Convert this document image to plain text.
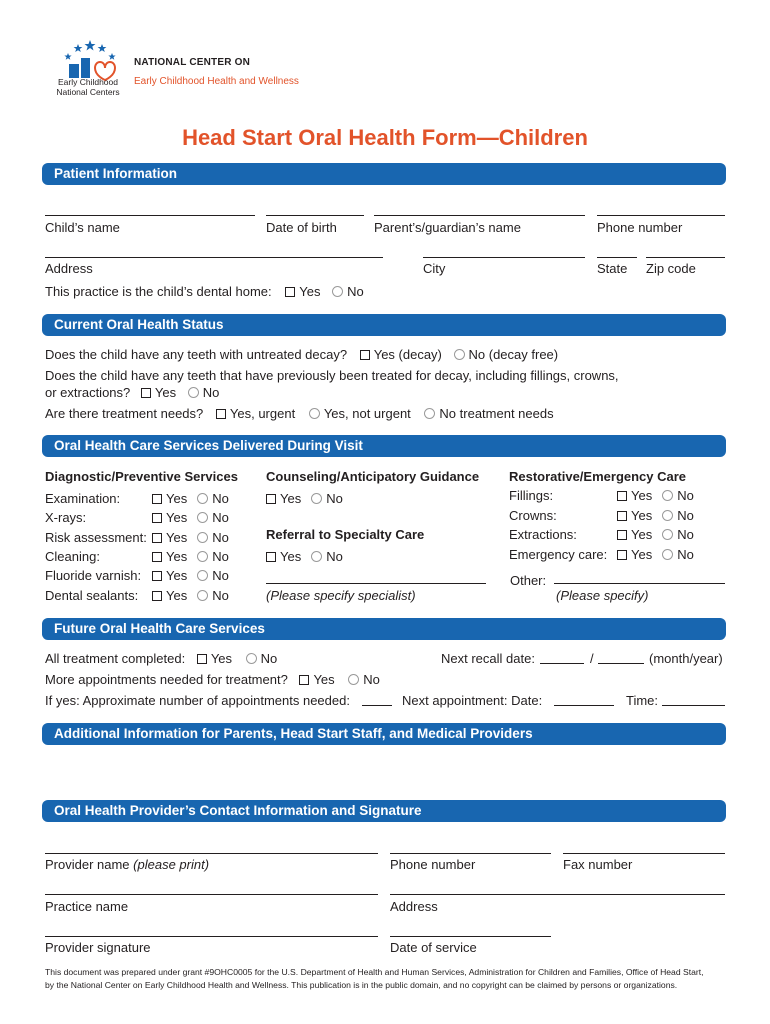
Early Childhood
National Centers
NATIONAL CENTER ON
Early Childhood Health and Wellness
Head Start Oral Health Form—Children
Patient Information
Child’s name	Date of birth	Parent’s/guardian’s name	Phone number
Address	City	State Zip code
This practice is the child’s dental home: Yes No
Current Oral Health Status
Does the child have any teeth with untreated decay? Yes (decay) No (decay free)
Does the child have any teeth that have previously been treated for decay, including fillings, crowns,
or extractions? Yes No
Are there treatment needs? Yes, urgent Yes, not urgent No treatment needs
Oral Health Care Services Delivered During Visit
Diagnostic/Preventive Services Counseling/Anticipatory Guidance Restorative/Emergency Care
Examination:	Yes No
X-rays:	Yes No
Risk assessment: Yes No
Cleaning:	Yes No
Fluoride varnish: Yes No
Dental sealants: Yes No
Yes No
Referral to Specialty Care
Yes No
(Please specify specialist)
Fillings:	Yes No
Crowns:	Yes No
Extractions:	Yes No
Emergency care: Yes No
Other:
(Please specify)
Future Oral Health Care Services
All treatment completed: Yes No	Next recall date:	/	(month/year)
More appointments needed for treatment? Yes No
If yes: Approximate number of appointments needed:	Next appointment: Date:	Time:
Additional Information for Parents, Head Start Staff, and Medical Providers
Oral Health Provider’s Contact Information and Signature
Provider name (please print)	Phone number	Fax number
Practice name	Address
Provider signature	Date of service
This document was prepared under grant #9OHC0005 for the U.S. Department of Health and Human Services, Administration for Children and Families, Office of Head Start, by the National Center on Early Childhood Health and Wellness. This publication is in the public domain, and no copyright can be claimed by persons or organizations.
